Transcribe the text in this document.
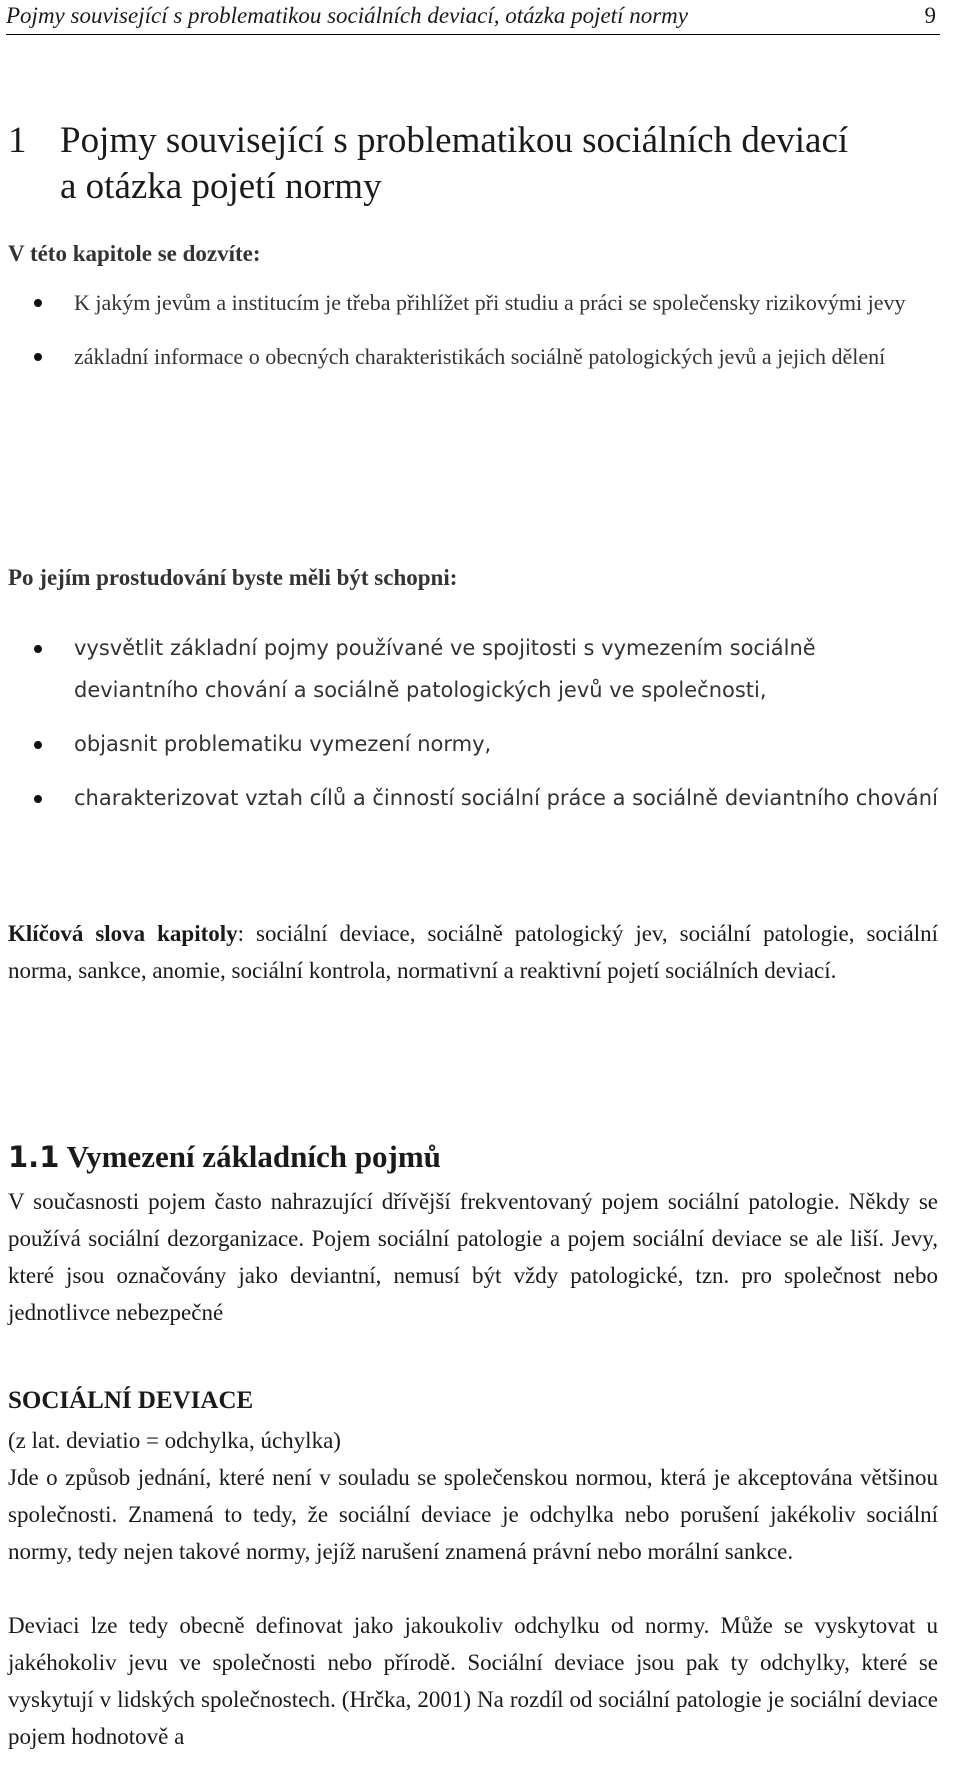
Pojmy související s problematikou sociálních deviací, otázka pojetí normy	9
1 Pojmy související s problematikou sociálních deviací
a otázka pojetí normy

V této kapitole se dozvíte:

K jakým jevům a institucím je třeba přihlížet při studiu a práci se společensky rizikovými jevy
základní informace o obecných charakteristikách sociálně patologických jevů a jejich dělení

Po jejím prostudování byste měli být schopni:

vysvětlit základní pojmy používané ve spojitosti s vymezením sociálně deviantního chování a sociálně patologických jevů ve společnosti,
objasnit problematiku vymezení normy,
charakterizovat vztah cílů a činností sociální práce a sociálně deviantního chování

Klíčová slova kapitoly: sociální deviace, sociálně patologický jev, sociální patologie, sociální norma, sankce, anomie, sociální kontrola, normativní a reaktivní pojetí sociálních deviací.

1.1 Vymezení základních pojmů

V současnosti pojem často nahrazující dřívější frekventovaný pojem sociální patologie. Někdy se používá sociální dezorganizace. Pojem sociální patologie a pojem sociální deviace se ale liší. Jevy, které jsou označovány jako deviantní, nemusí být vždy patologické, tzn. pro společnost nebo jednotlivce nebezpečné

SOCIÁLNÍ DEVIACE

(z lat. deviatio = odchylka, úchylka)

Jde o způsob jednání, které není v souladu se společenskou normou, která je akceptována většinou společnosti. Znamená to tedy, že sociální deviace je odchylka nebo porušení jakékoliv sociální normy, tedy nejen takové normy, jejíž narušení znamená právní nebo morální sankce.

Deviaci lze tedy obecně definovat jako jakoukoliv odchylku od normy. Může se vyskytovat u jakéhokoliv jevu ve společnosti nebo přírodě. Sociální deviace jsou pak ty odchylky, které se vyskytují v lidských společnostech. (Hrčka, 2001) Na rozdíl od sociální patologie je sociální deviace pojem hodnotově a
